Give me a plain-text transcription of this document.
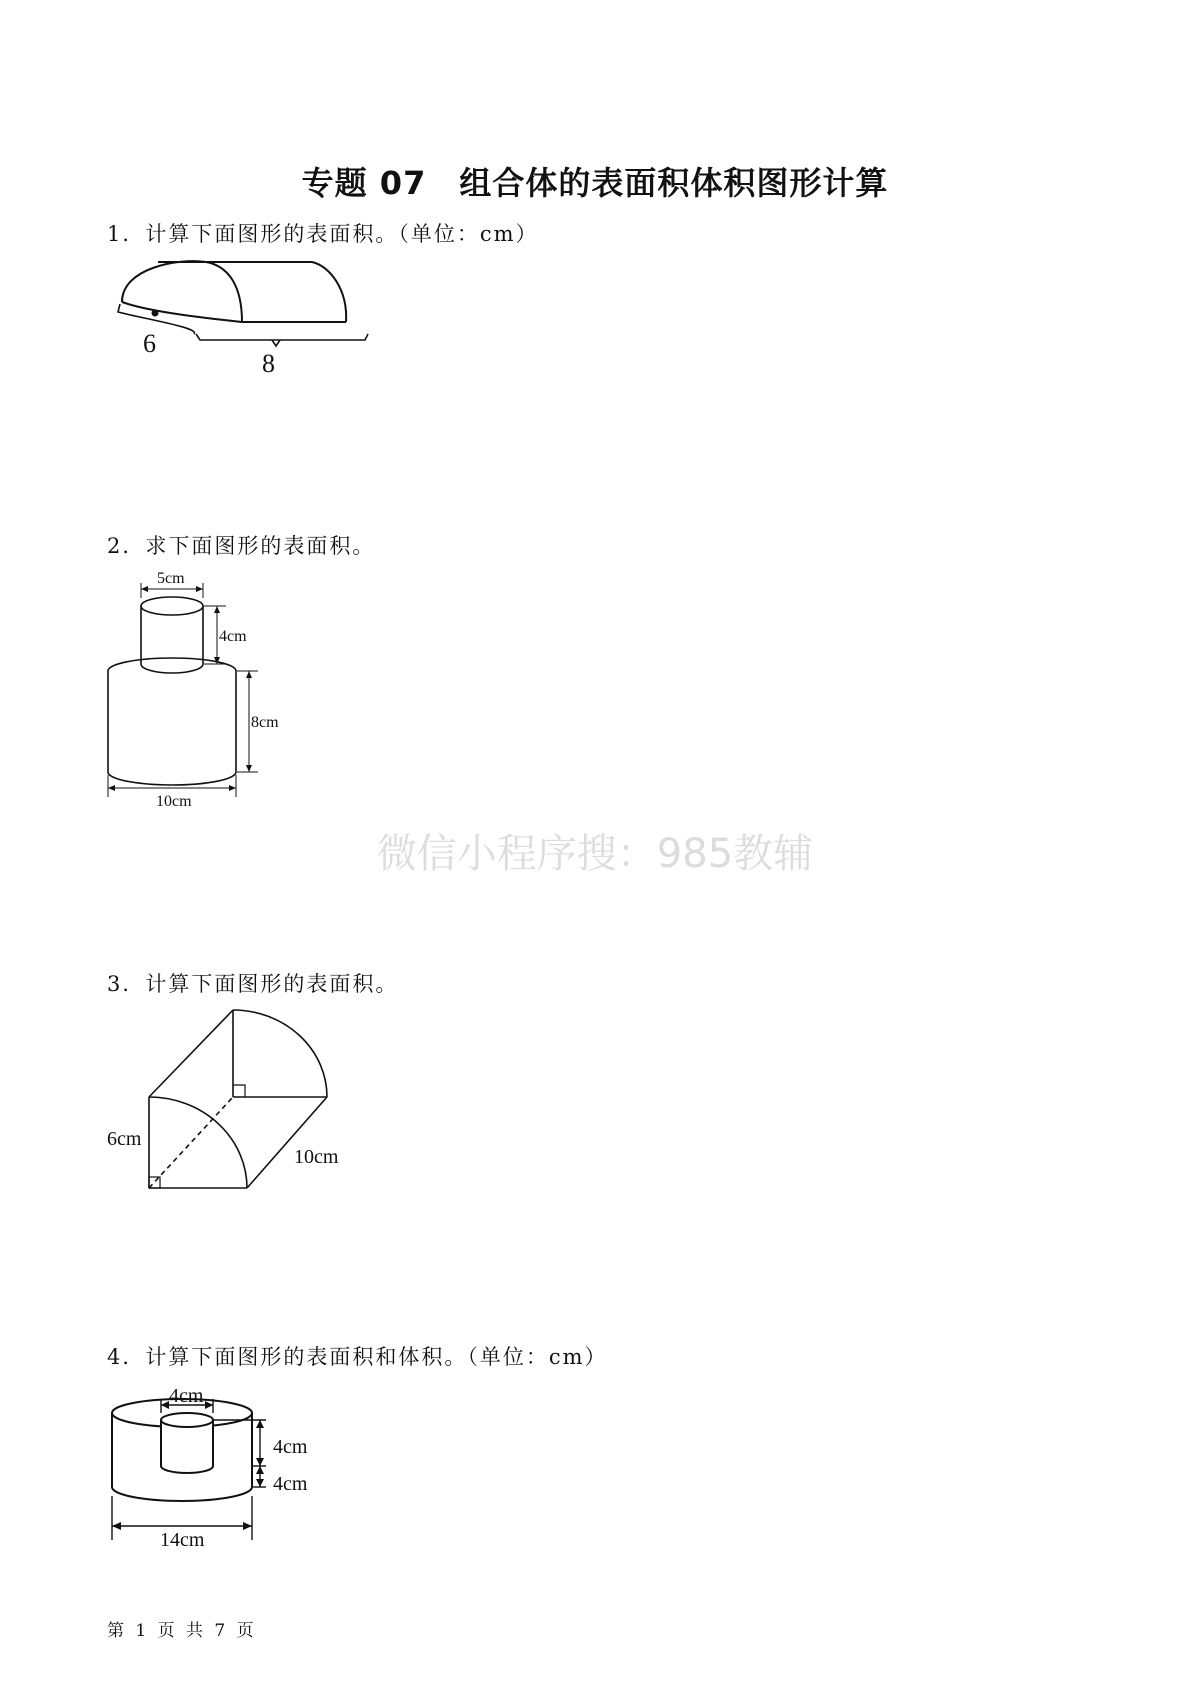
专题 07　组合体的表面积体积图形计算
1．计算下面图形的表面积。（单位：cm）
2．求下面图形的表面积。
3．计算下面图形的表面积。
4．计算下面图形的表面积和体积。（单位：cm）
微信小程序搜：985教辅
6
8
5cm
4cm
8cm
10cm
6cm
10cm
4cm
4cm
4cm
14cm
第 1 页 共 7 页
